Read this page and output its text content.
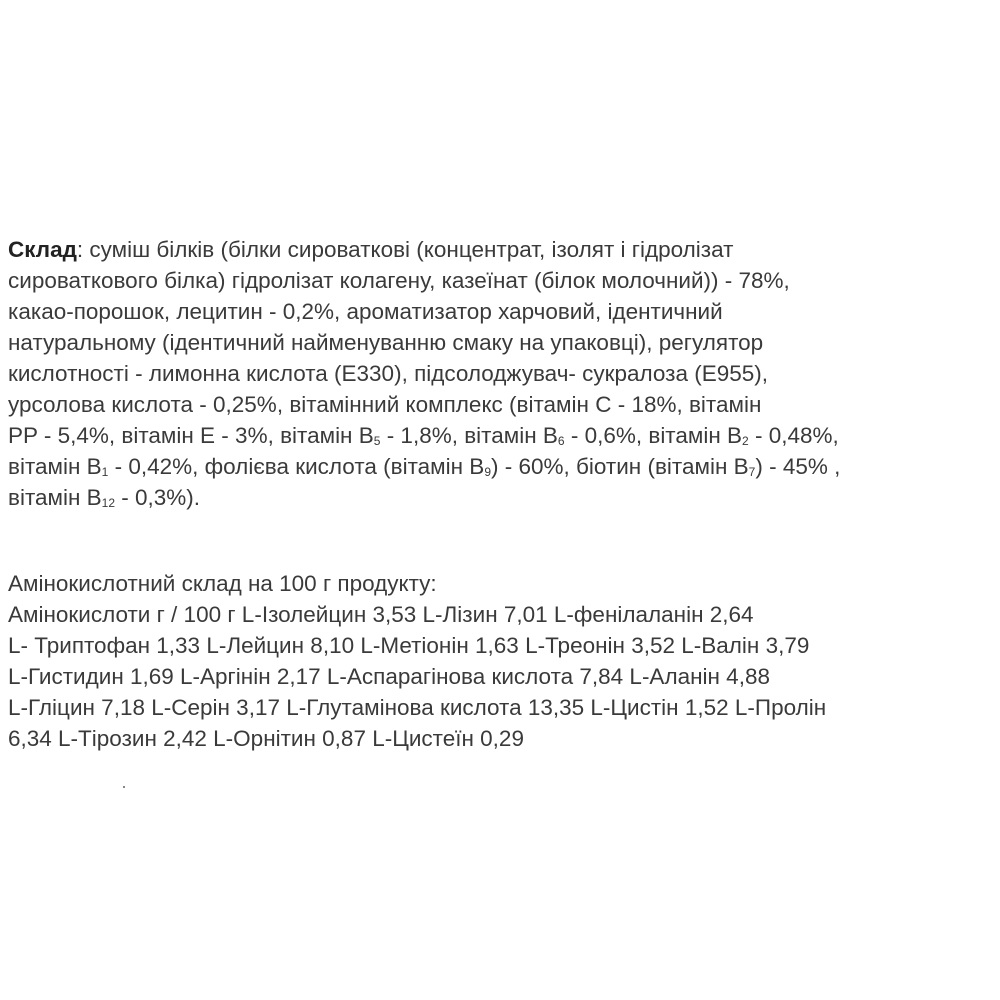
Склад: суміш білків (білки сироваткові (концентрат, ізолят і гідролізат
сироваткового білка) гідролізат колагену, казеїнат (білок молочний)) - 78%,
какао-порошок, лецитин - 0,2%, ароматизатор харчовий, ідентичний
натуральному (ідентичний найменуванню смаку на упаковці), регулятор
кислотності - лимонна кислота (E330), підсолоджувач- сукралоза (E955),
урсолова кислота - 0,25%, вітамінний комплекс (вітамін С - 18%, вітамін
PP - 5,4%, вітамін E - 3%, вітамін $B_5 - 1,8\%$, вітамін $B_6 - 0,6\%$, вітамін $B_2 - 0,48\%$,
вітамін $B_1 - 0,42\%$, фолієва кислота (вітамін $B_9) - 60\%$, біотин (вітамін $B_7) - 45\%$ ,
вітамін $B_{12} - 0,3\%$).
Амінокислотний склад на 100 г продукту:
Амінокислоти г / 100 г L-Ізолейцин 3,53 L-Лізин 7,01 L-фенілаланін 2,64
L- Триптофан 1,33 L-Лейцин 8,10 L-Метіонін 1,63 L-Треонін 3,52 L-Валін 3,79
L-Гистидин 1,69 L-Аргінін 2,17 L-Аспарагінова кислота 7,84 L-Аланін 4,88
L-Гліцин 7,18 L-Серін 3,17 L-Глутамінова кислота 13,35 L-Цистін 1,52 L-Пролін
6,34 L-Тірозин 2,42 L-Орнітин 0,87 L-Цистеїн 0,29
